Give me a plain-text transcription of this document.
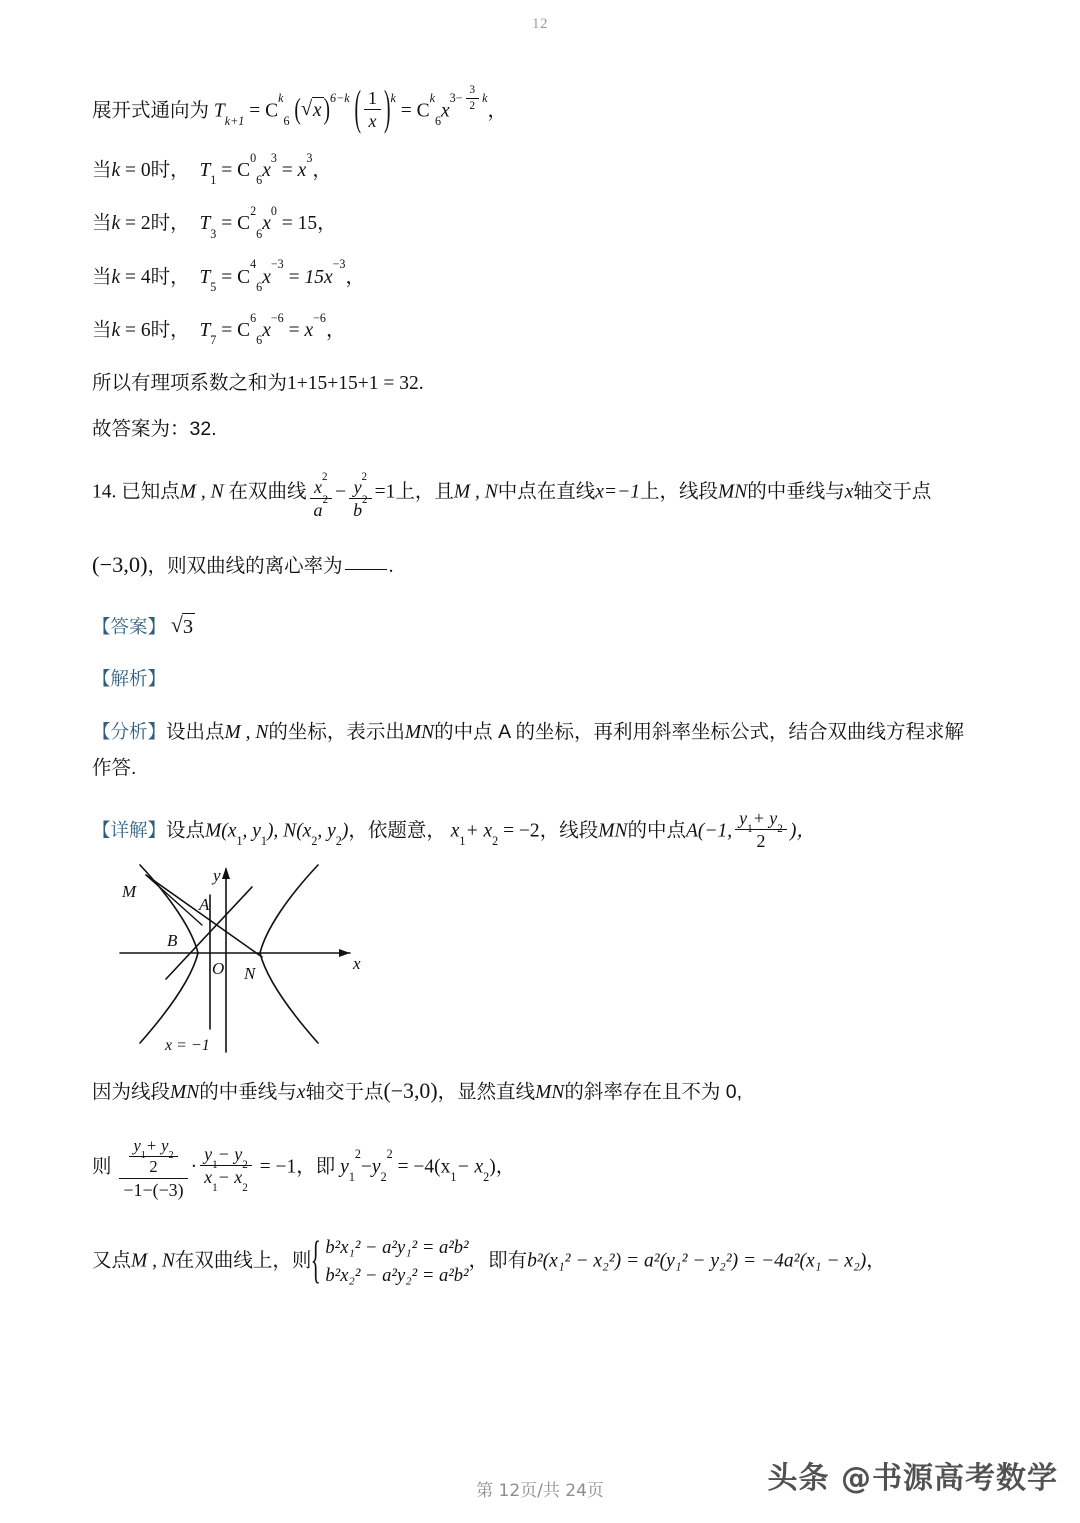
12

展开式通向为 $T_{k+1} = C^k_6$ ( √ x )$^{6-k}$ ( $\frac{1}{x} )^k = C^k_6x^{3- \frac{3}{2} k}$，

当k = 0时， $T_1 = C^0_6x^3 = x^3$，

当k = 2时， $T_3 = C^2_6x^0 = 15$，

当k = 4时， $T_5 = C^4_6x^{-3} = 15x^{-3}$，

当k = 6时， $T_7 = C^6_6x^{-6} = x^{-6}$，

所以有理项系数之和为1+15+15+1 = 32.

故答案为：32.

14. 已知点M , N 在双曲线 $\frac{x^2}{a^2} - \frac{y^2}{b^2} =1$上，且M , N中点在直线x=−1上，线段MN的中垂线与x轴交于点

(−3,0)，则双曲线的离心率为 .

【答案】 √ 3

【解析】

【分析】设出点M , N的坐标，表示出MN的中点 A 的坐标，再利用斜率坐标公式，结合双曲线方程求解

作答.

【详解】设点$M(x_1$, $y_1$), $N(x_2$, $y_2$)，依题意， $x_1+ x_2 = -2$，线段MN的中点A(−1, $\frac{y_1+ y_2}{2}$ )，

M
A
B
O N
x
y
x = −1

因为线段MN的中垂线与x轴交于点(−3,0)，显然直线MN的斜率存在且不为 0,

则 $\frac{\frac{y_1+ y_2}{2}}{-1-(-3)} \cdot \frac{y_1- y_2}{x_1- x_2} = -1$，即 $y_1^2-y_2^2 = -4(x_1- x_2)$，

又点M , N在双曲线上，则
{ b²x₁² − a²y₁² = a²b²
b²x₂² − a²y₂² = a²b²
，即有b²(x₁² − x₂²) = a²(y₁² − y₂²) = −4a²(x₁ − x₂)，

第 12页/共 24页	头条 @书源高考数学
